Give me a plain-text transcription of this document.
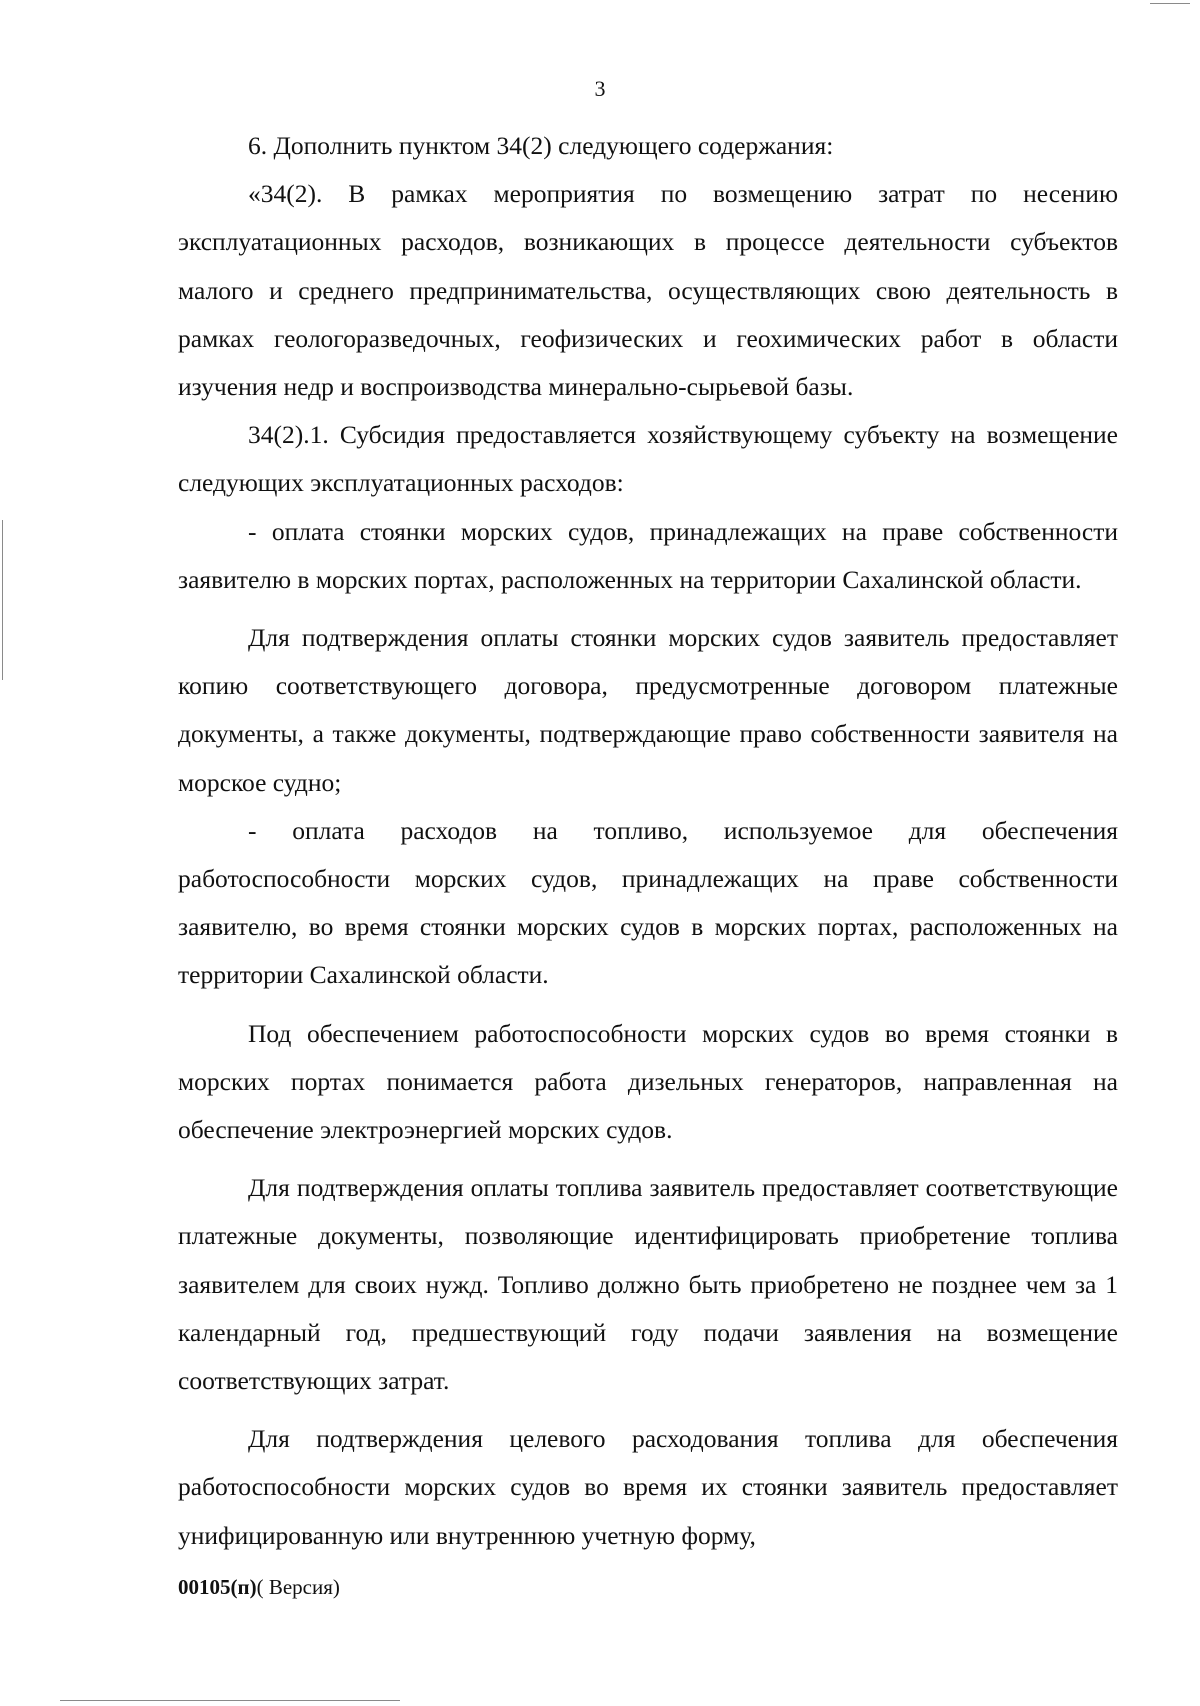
3

6. Дополнить пунктом 34(2) следующего содержания:

«34(2). В рамках мероприятия по возмещению затрат по несению эксплуатационных расходов, возникающих в процессе деятельности субъектов малого и среднего предпринимательства, осуществляющих свою деятельность в рамках геологоразведочных, геофизических и геохимических работ в области изучения недр и воспроизводства минерально-сырьевой базы.

34(2).1. Субсидия предоставляется хозяйствующему субъекту на возмещение следующих эксплуатационных расходов:

- оплата стоянки морских судов, принадлежащих на праве собственности заявителю в морских портах, расположенных на территории Сахалинской области.

Для подтверждения оплаты стоянки морских судов заявитель предоставляет копию соответствующего договора, предусмотренные договором платежные документы, а также документы, подтверждающие право собственности заявителя на морское судно;

- оплата расходов на топливо, используемое для обеспечения работоспособности морских судов, принадлежащих на праве собственности заявителю, во время стоянки морских судов в морских портах, расположенных на территории Сахалинской области.

Под обеспечением работоспособности морских судов во время стоянки в морских портах понимается работа дизельных генераторов, направленная на обеспечение электроэнергией морских судов.

Для подтверждения оплаты топлива заявитель предоставляет соответствующие платежные документы, позволяющие идентифицировать приобретение топлива заявителем для своих нужд. Топливо должно быть приобретено не позднее чем за 1 календарный год, предшествующий году подачи заявления на возмещение соответствующих затрат.

Для подтверждения целевого расходования топлива для обеспечения работоспособности морских судов во время их стоянки заявитель предоставляет унифицированную или внутреннюю учетную форму,

00105(п)( Версия)
